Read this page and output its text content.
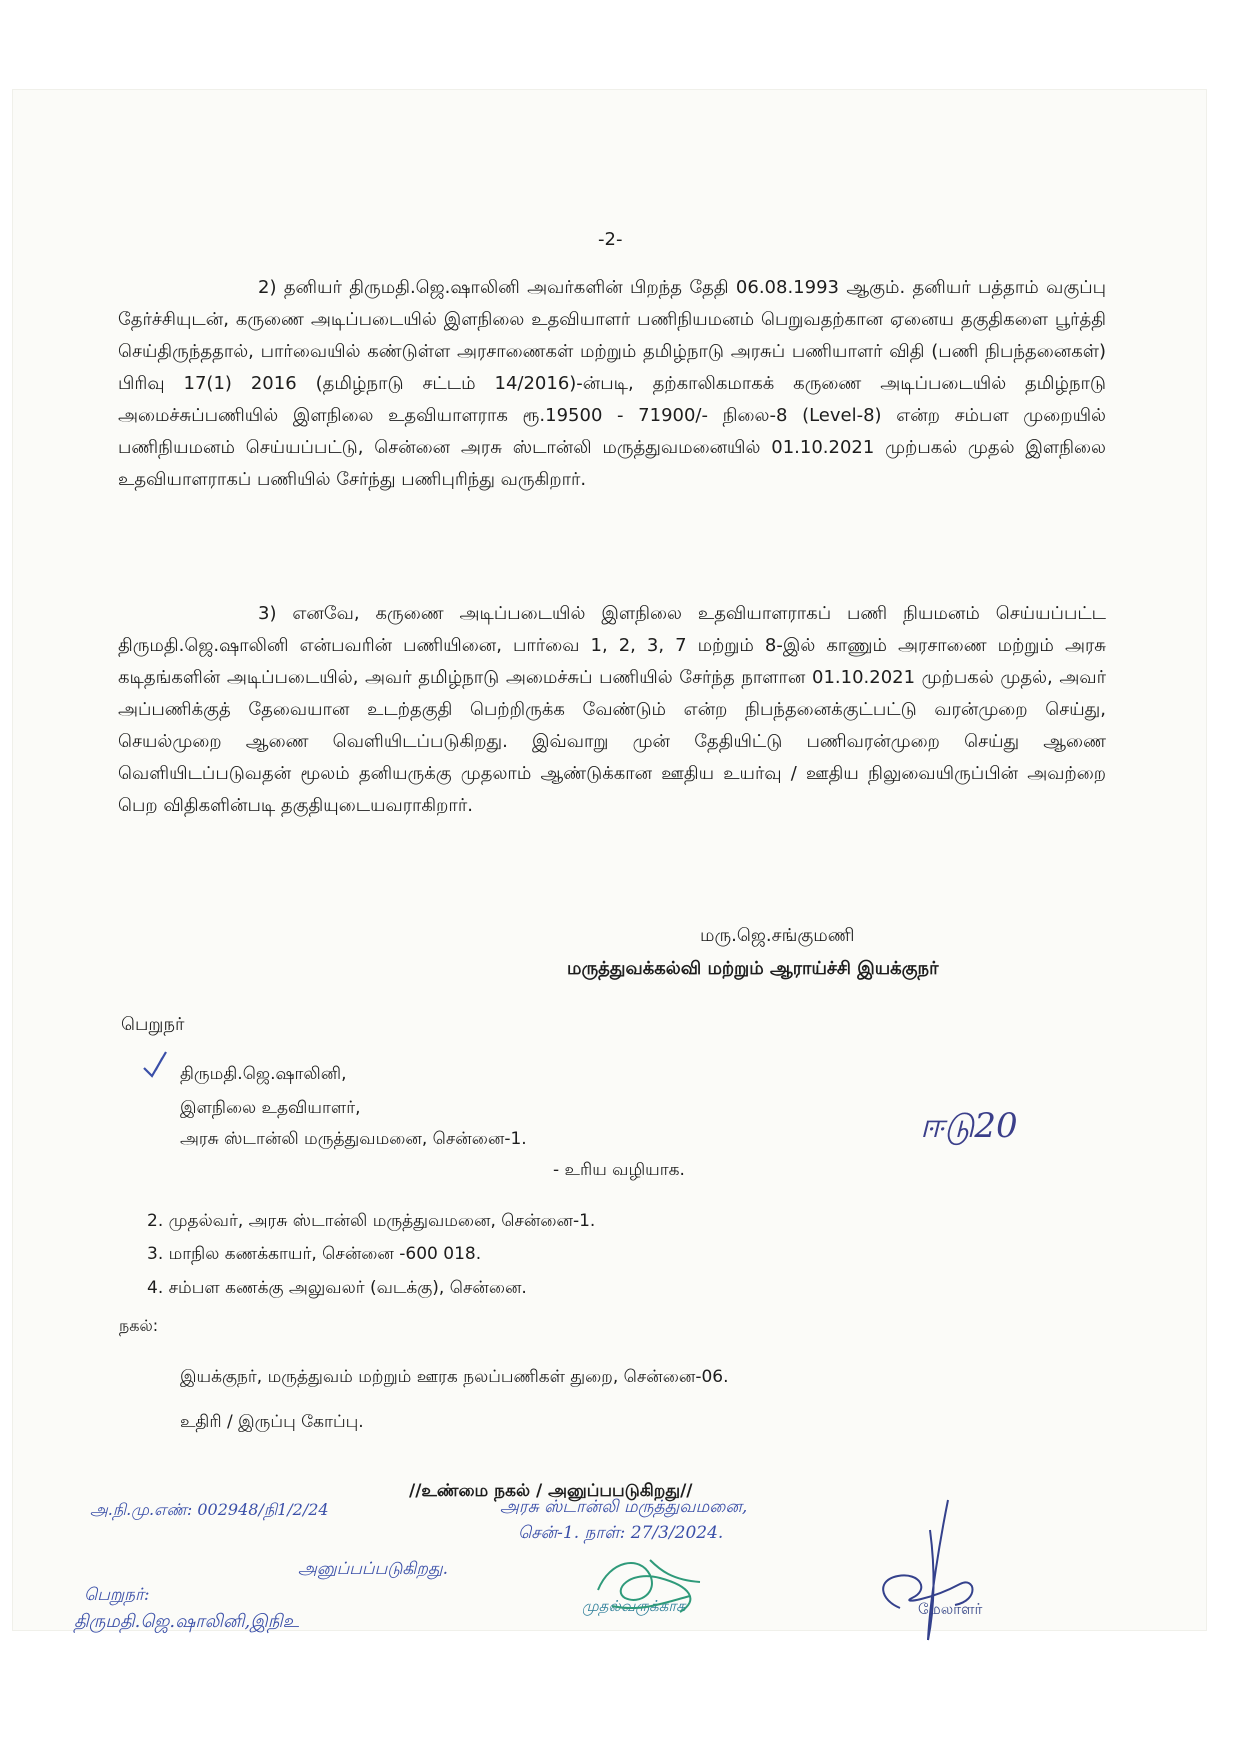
-2-

2) தனியர் திருமதி.ஜெ.ஷாலினி அவர்களின் பிறந்த தேதி 06.08.1993 ஆகும். தனியர் பத்தாம் வகுப்பு தேர்ச்சியுடன், கருணை அடிப்படையில் இளநிலை உதவியாளர் பணிநியமனம் பெறுவதற்கான ஏனைய தகுதிகளை பூர்த்தி செய்திருந்ததால், பார்வையில் கண்டுள்ள அரசாணைகள் மற்றும் தமிழ்நாடு அரசுப் பணியாளர் விதி (பணி நிபந்தனைகள்) பிரிவு 17(1) 2016 (தமிழ்நாடு சட்டம் 14/2016)-ன்படி, தற்காலிகமாகக் கருணை அடிப்படையில் தமிழ்நாடு அமைச்சுப்பணியில் இளநிலை உதவியாளராக ரூ.19500 - 71900/- நிலை-8 (Level-8) என்ற சம்பள முறையில் பணிநியமனம் செய்யப்பட்டு, சென்னை அரசு ஸ்டான்லி மருத்துவமனையில் 01.10.2021 முற்பகல் முதல் இளநிலை உதவியாளராகப் பணியில் சேர்ந்து பணிபுரிந்து வருகிறார்.

3) எனவே, கருணை அடிப்படையில் இளநிலை உதவியாளராகப் பணி நியமனம் செய்யப்பட்ட திருமதி.ஜெ.ஷாலினி என்பவரின் பணியினை, பார்வை 1, 2, 3, 7 மற்றும் 8-இல் காணும் அரசாணை மற்றும் அரசு கடிதங்களின் அடிப்படையில், அவர் தமிழ்நாடு அமைச்சுப் பணியில் சேர்ந்த நாளான 01.10.2021 முற்பகல் முதல், அவர் அப்பணிக்குத் தேவையான உடற்தகுதி பெற்றிருக்க வேண்டும் என்ற நிபந்தனைக்குட்பட்டு வரன்முறை செய்து, செயல்முறை ஆணை வெளியிடப்படுகிறது. இவ்வாறு முன் தேதியிட்டு பணிவரன்முறை செய்து ஆணை வெளியிடப்படுவதன் மூலம் தனியருக்கு முதலாம் ஆண்டுக்கான ஊதிய உயர்வு / ஊதிய நிலுவையிருப்பின் அவற்றை பெற விதிகளின்படி தகுதியுடையவராகிறார்.

மரு.ஜெ.சங்குமணி
மருத்துவக்கல்வி மற்றும் ஆராய்ச்சி இயக்குநர்
பெறுநர்
திருமதி.ஜெ.ஷாலினி,
இளநிலை உதவியாளர்,
அரசு ஸ்டான்லி மருத்துவமனை, சென்னை-1.
- உரிய வழியாக.
2. முதல்வர், அரசு ஸ்டான்லி மருத்துவமனை, சென்னை-1.
3. மாநில கணக்காயர், சென்னை -600 018.
4. சம்பள கணக்கு அலுவலர் (வடக்கு), சென்னை.
நகல்:
இயக்குநர், மருத்துவம் மற்றும் ஊரக நலப்பணிகள் துறை, சென்னை-06.
உதிரி / இருப்பு கோப்பு.
//உண்மை நகல் / அனுப்பபடுகிறது//
ஈடு20
அ.நி.மு.எண்: 002948/நி1/2/24	அரசு ஸ்டான்லி மருத்துவமனை,
சென்-1. நாள்: 27/3/2024.
அனுப்பப்படுகிறது.
பெறுநர்:
திருமதி.ஜெ.ஷாலினி,இநிஉ
முதல்வருக்காக	மேலாளர்
